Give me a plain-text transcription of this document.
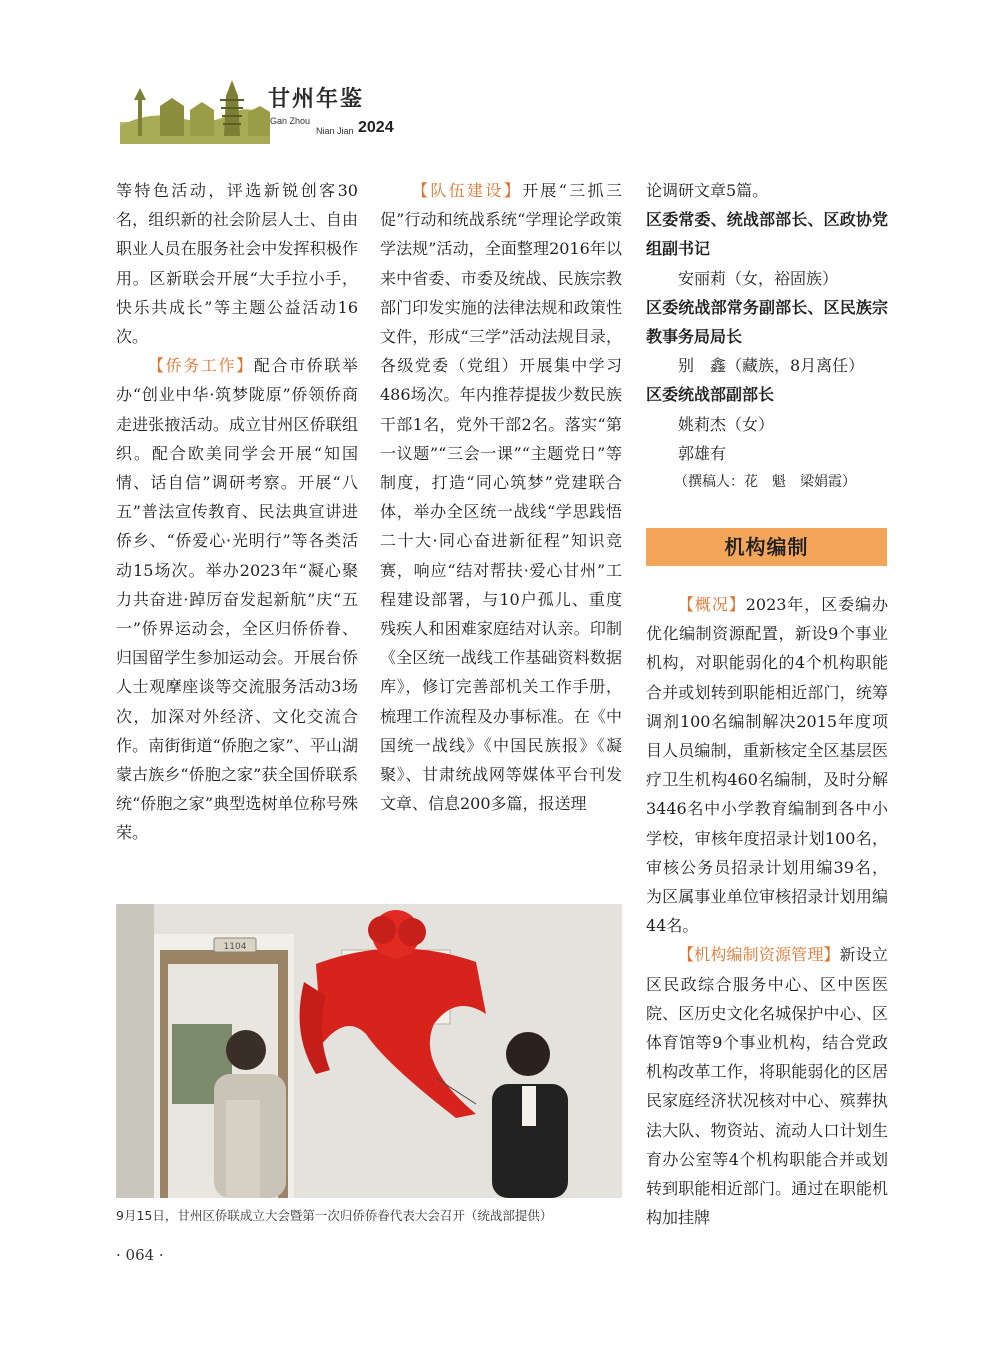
甘州年鉴
Gan Zhou
Nian Jian 2024

等特色活动，评选新锐创客30名，组织新的社会阶层人士、自由职业人员在服务社会中发挥积极作用。区新联会开展“大手拉小手，快乐共成长”等主题公益活动16次。

【侨务工作】配合市侨联举办“创业中华·筑梦陇原”侨领侨商走进张掖活动。成立甘州区侨联组织。配合欧美同学会开展“知国情、话自信”调研考察。开展“八五”普法宣传教育、民法典宣讲进侨乡、“侨爱心·光明行”等各类活动15场次。举办2023年“凝心聚力共奋进·踔厉奋发起新航”庆“五一”侨界运动会，全区归侨侨眷、归国留学生参加运动会。开展台侨人士观摩座谈等交流服务活动3场次，加深对外经济、文化交流合作。南街街道“侨胞之家”、平山湖蒙古族乡“侨胞之家”获全国侨联系统“侨胞之家”典型选树单位称号殊荣。

【队伍建设】开展“三抓三促”行动和统战系统“学理论学政策学法规”活动，全面整理2016年以来中省委、市委及统战、民族宗教部门印发实施的法律法规和政策性文件，形成“三学”活动法规目录，各级党委（党组）开展集中学习486场次。年内推荐提拔少数民族干部1名，党外干部2名。落实“第一议题”“三会一课”“主题党日”等制度，打造“同心筑梦”党建联合体，举办全区统一战线“学思践悟二十大·同心奋进新征程”知识竞赛，响应“结对帮扶·爱心甘州”工程建设部署，与10户孤儿、重度残疾人和困难家庭结对认亲。印制《全区统一战线工作基础资料数据库》，修订完善部机关工作手册，梳理工作流程及办事标准。在《中国统一战线》《中国民族报》《凝聚》、甘肃统战网等媒体平台刊发文章、信息200多篇，报送理

论调研文章5篇。

区委常委、统战部部长、区政协党组副书记

安丽莉（女，裕固族）

区委统战部常务副部长、区民族宗教事务局局长

别　鑫（藏族，8月离任）

区委统战部副部长

姚莉杰（女）

郭雄有

（撰稿人：花　魁　梁娟霞）

机构编制

【概况】2023年，区委编办优化编制资源配置，新设9个事业机构，对职能弱化的4个机构职能合并或划转到职能相近部门，统筹调剂100名编制解决2015年度项目人员编制，重新核定全区基层医疗卫生机构460名编制，及时分解3446名中小学教育编制到各中小学校，审核年度招录计划100名，审核公务员招录计划用编39名，为区属事业单位审核招录计划用编44名。

【机构编制资源管理】新设立区民政综合服务中心、区中医医院、区历史文化名城保护中心、区体育馆等9个事业机构，结合党政机构改革工作，将职能弱化的区居民家庭经济状况核对中心、殡葬执法大队、物资站、流动人口计划生育办公室等4个机构职能合并或划转到职能相近部门。通过在职能机构加挂牌

1104
9月15日，甘州区侨联成立大会暨第一次归侨侨眷代表大会召开（统战部提供）
· 064 ·
